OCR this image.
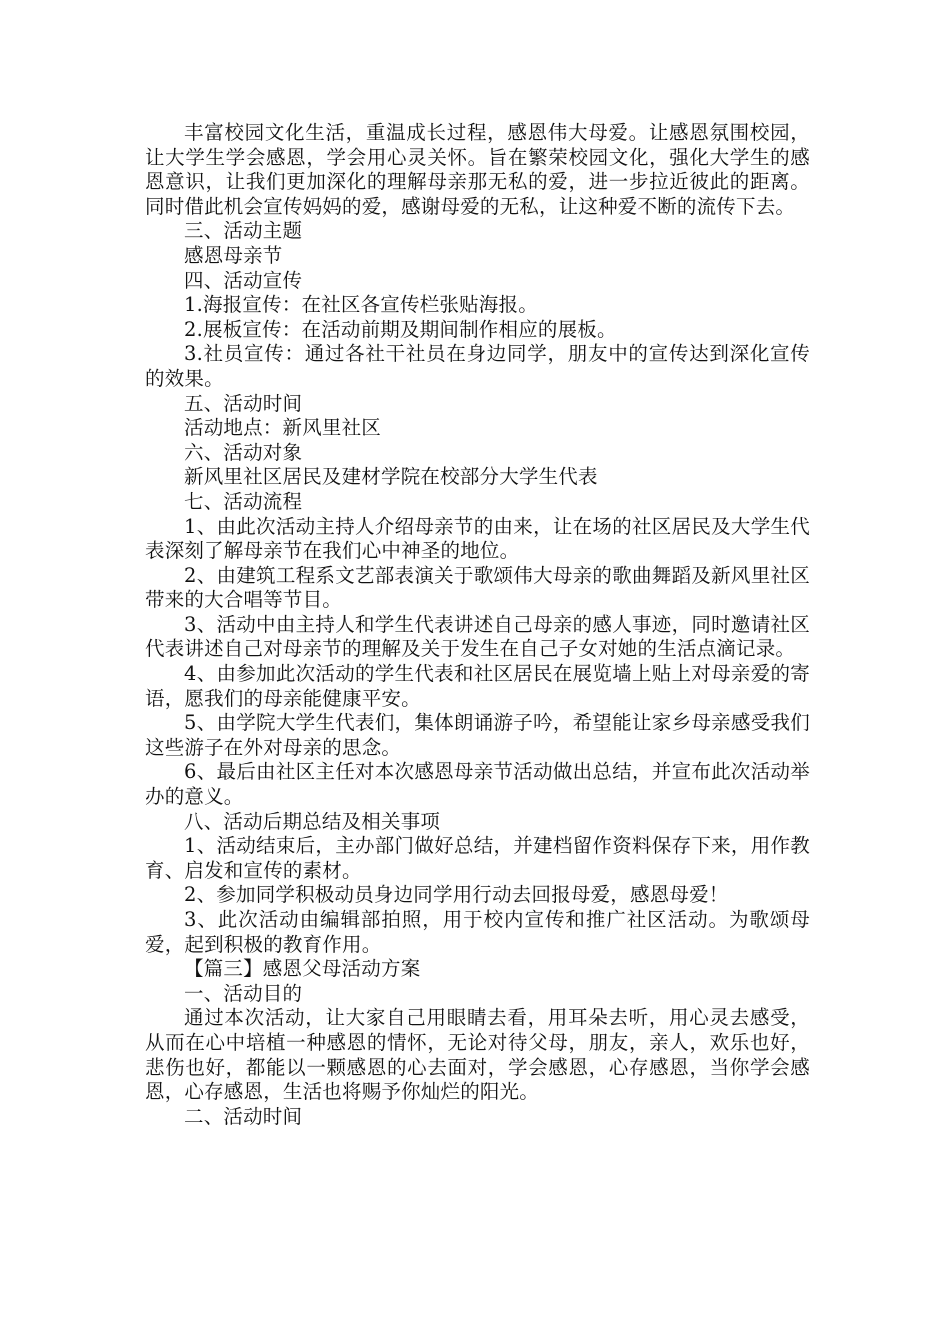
丰富校园文化生活，重温成长过程，感恩伟大母爱。让感恩氛围校园，让大学生学会感恩，学会用心灵关怀。旨在繁荣校园文化，强化大学生的感恩意识，让我们更加深化的理解母亲那无私的爱，进一步拉近彼此的距离。同时借此机会宣传妈妈的爱，感谢母爱的无私，让这种爱不断的流传下去。

三、活动主题

感恩母亲节

四、活动宣传

1.海报宣传：在社区各宣传栏张贴海报。

2.展板宣传：在活动前期及期间制作相应的展板。

3.社员宣传：通过各社干社员在身边同学，朋友中的宣传达到深化宣传的效果。

五、活动时间

活动地点：新风里社区

六、活动对象

新风里社区居民及建材学院在校部分大学生代表

七、活动流程

1、由此次活动主持人介绍母亲节的由来，让在场的社区居民及大学生代表深刻了解母亲节在我们心中神圣的地位。

2、由建筑工程系文艺部表演关于歌颂伟大母亲的歌曲舞蹈及新风里社区带来的大合唱等节目。

3、活动中由主持人和学生代表讲述自己母亲的感人事迹，同时邀请社区代表讲述自己对母亲节的理解及关于发生在自己子女对她的生活点滴记录。

4、由参加此次活动的学生代表和社区居民在展览墙上贴上对母亲爱的寄语，愿我们的母亲能健康平安。

5、由学院大学生代表们，集体朗诵游子吟，希望能让家乡母亲感受我们这些游子在外对母亲的思念。

6、最后由社区主任对本次感恩母亲节活动做出总结，并宣布此次活动举办的意义。

八、活动后期总结及相关事项

1、活动结束后，主办部门做好总结，并建档留作资料保存下来，用作教育、启发和宣传的素材。

2、参加同学积极动员身边同学用行动去回报母爱，感恩母爱！

3、此次活动由编辑部拍照，用于校内宣传和推广社区活动。为歌颂母爱，起到积极的教育作用。

【篇三】感恩父母活动方案

一、活动目的

通过本次活动，让大家自己用眼睛去看，用耳朵去听，用心灵去感受，从而在心中培植一种感恩的情怀，无论对待父母，朋友，亲人，欢乐也好，悲伤也好，都能以一颗感恩的心去面对，学会感恩，心存感恩，当你学会感恩，心存感恩，生活也将赐予你灿烂的阳光。

二、活动时间
